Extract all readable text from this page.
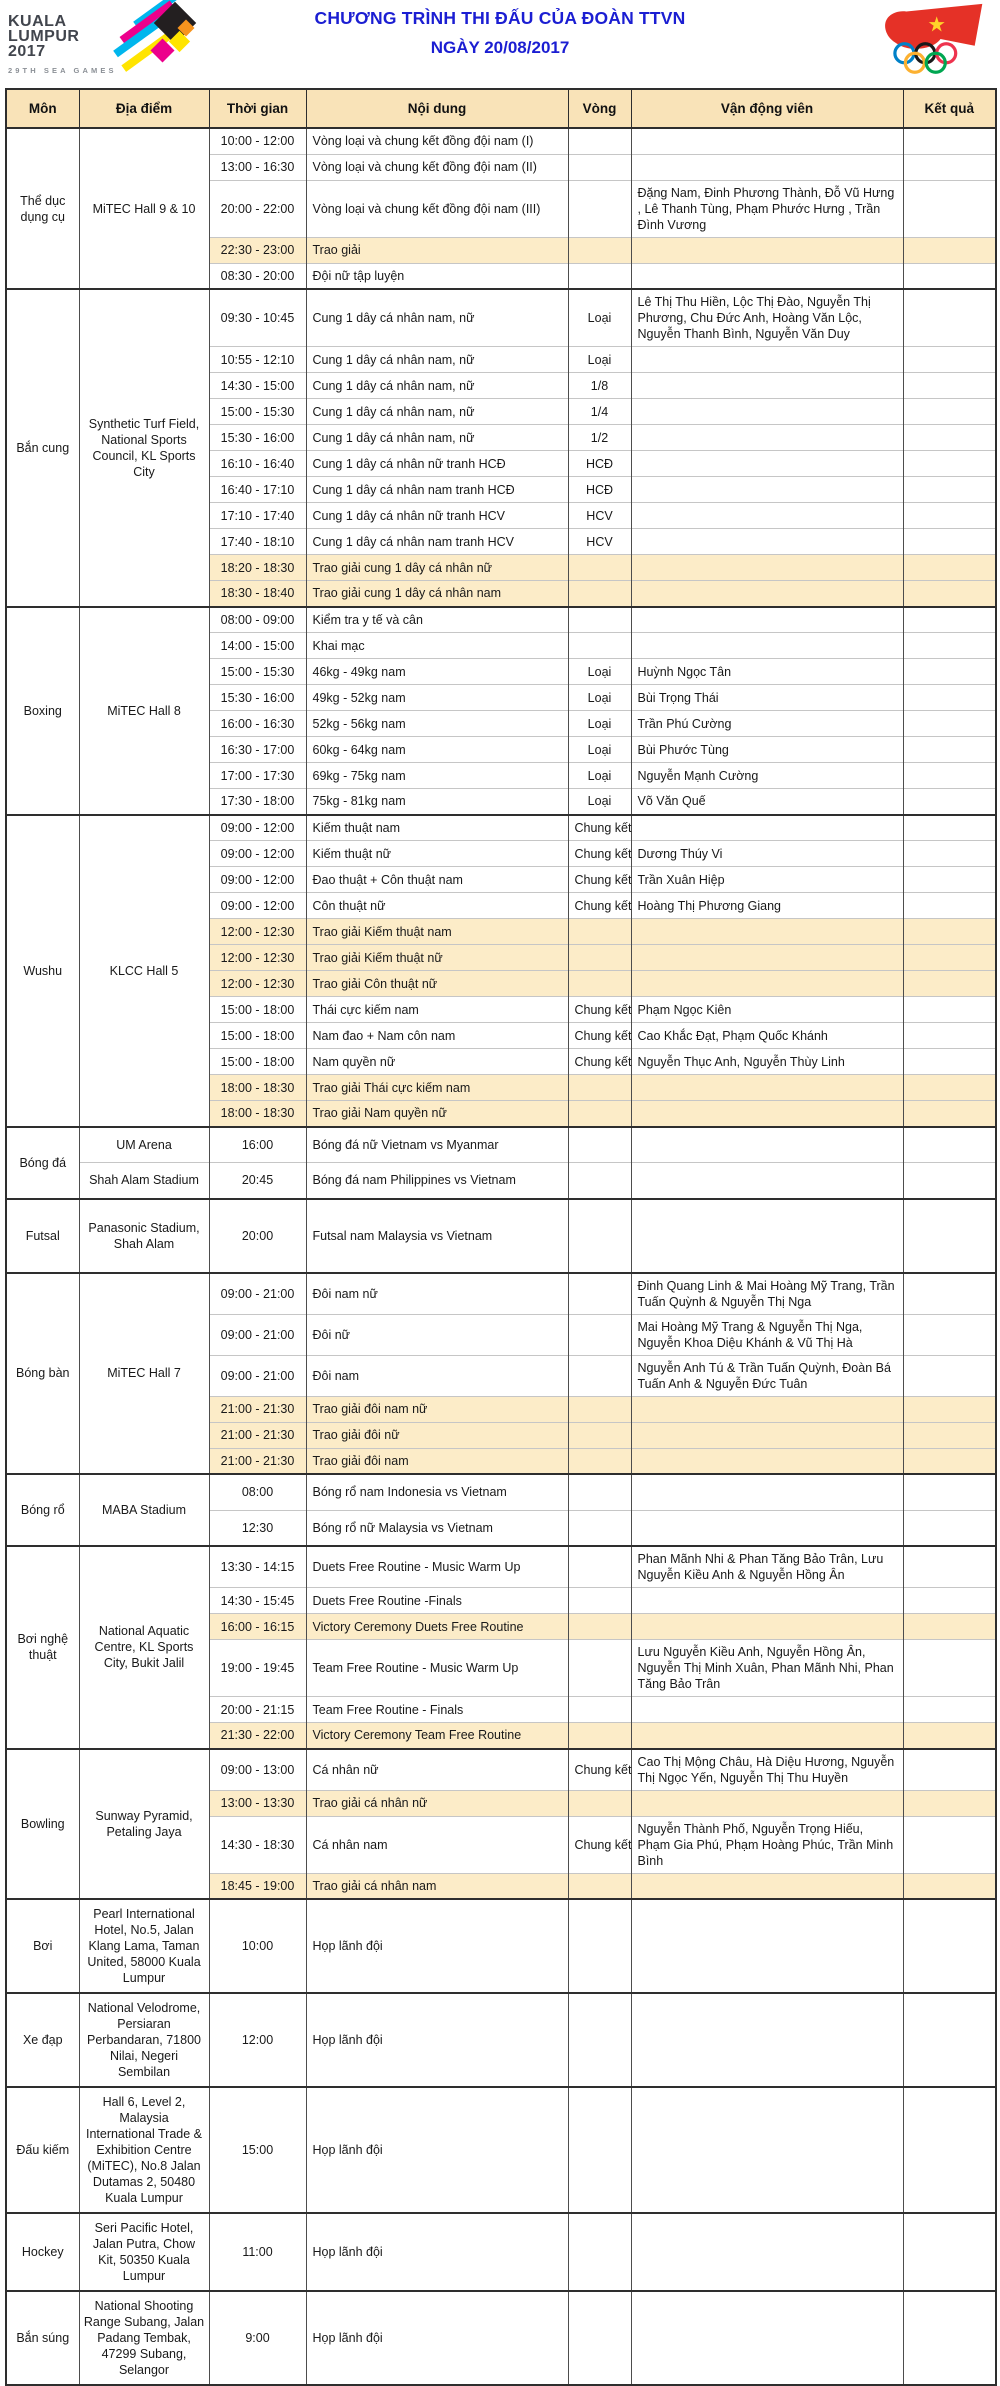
KUALA
LUMPUR
2017
29TH SEA GAMES
CHƯƠNG TRÌNH THI ĐẤU CỦA ĐOÀN TTVN
NGÀY 20/08/2017
★
Môn	Địa điểm	Thời gian	Nội dung	Vòng	Vận động viên	Kết quả
Thể dục dụng cụ	MiTEC Hall 9 & 10	10:00 - 12:00	Vòng loại và chung kết đồng đội nam (I)			
		13:00 - 16:30	Vòng loại và chung kết đồng đội nam (II)			
		20:00 - 22:00	Vòng loại và chung kết đồng đội nam (III)		Đặng Nam, Đinh Phương Thành, Đỗ Vũ Hưng , Lê Thanh Tùng, Phạm Phước Hưng , Trần Đình Vương	
		22:30 - 23:00	Trao giải			
		08:30 - 20:00	Đội nữ tập luyện			
Bắn cung	Synthetic Turf Field, National Sports Council, KL Sports City	09:30 - 10:45	Cung 1 dây cá nhân nam, nữ	Loại	Lê Thị Thu Hiền, Lộc Thị Đào, Nguyễn Thị Phương, Chu Đức Anh, Hoàng Văn Lộc, Nguyễn Thanh Bình, Nguyễn Văn Duy	
		10:55 - 12:10	Cung 1 dây cá nhân nam, nữ	Loại		
		14:30 - 15:00	Cung 1 dây cá nhân nam, nữ	1/8		
		15:00 - 15:30	Cung 1 dây cá nhân nam, nữ	1/4		
		15:30 - 16:00	Cung 1 dây cá nhân nam, nữ	1/2		
		16:10 - 16:40	Cung 1 dây cá nhân nữ tranh HCĐ	HCĐ		
		16:40 - 17:10	Cung 1 dây cá nhân nam tranh HCĐ	HCĐ		
		17:10 - 17:40	Cung 1 dây cá nhân nữ tranh HCV	HCV		
		17:40 - 18:10	Cung 1 dây cá nhân nam tranh HCV	HCV		
		18:20 - 18:30	Trao giải cung 1 dây cá nhân nữ			
		18:30 - 18:40	Trao giải cung 1 dây cá nhân nam			
Boxing	MiTEC Hall 8	08:00 - 09:00	Kiểm tra y tế và cân			
		14:00 - 15:00	Khai mạc			
		15:00 - 15:30	46kg - 49kg nam	Loại	Huỳnh Ngọc Tân	
		15:30 - 16:00	49kg - 52kg nam	Loại	Bùi Trọng Thái	
		16:00 - 16:30	52kg - 56kg nam	Loại	Trần Phú Cường	
		16:30 - 17:00	60kg - 64kg nam	Loại	Bùi Phước Tùng	
		17:00 - 17:30	69kg - 75kg nam	Loại	Nguyễn Mạnh Cường	
		17:30 - 18:00	75kg - 81kg nam	Loại	Võ Văn Quế	
Wushu	KLCC Hall 5	09:00 - 12:00	Kiếm thuật nam	Chung kết		
		09:00 - 12:00	Kiếm thuật nữ	Chung kết	Dương Thúy Vi	
		09:00 - 12:00	Đao thuật + Côn thuật nam	Chung kết	Trần Xuân Hiệp	
		09:00 - 12:00	Côn thuật nữ	Chung kết	Hoàng Thị Phương Giang	
		12:00 - 12:30	Trao giải Kiếm thuật nam			
		12:00 - 12:30	Trao giải Kiếm thuật nữ			
		12:00 - 12:30	Trao giải Côn thuật nữ			
		15:00 - 18:00	Thái cực kiếm nam	Chung kết	Phạm Ngọc Kiên	
		15:00 - 18:00	Nam đao + Nam côn nam	Chung kết	Cao Khắc Đạt, Phạm Quốc Khánh	
		15:00 - 18:00	Nam quyền nữ	Chung kết	Nguyễn Thục Anh, Nguyễn Thùy Linh	
		18:00 - 18:30	Trao giải Thái cực kiếm nam			
		18:00 - 18:30	Trao giải Nam quyền nữ			
Bóng đá	UM Arena	16:00	Bóng đá nữ Vietnam vs Myanmar			
	Shah Alam Stadium	20:45	Bóng đá nam Philippines vs Vietnam			
Futsal	Panasonic Stadium, Shah Alam	20:00	Futsal nam Malaysia vs Vietnam			
Bóng bàn	MiTEC Hall 7	09:00 - 21:00	Đôi nam nữ		Đinh Quang Linh & Mai Hoàng Mỹ Trang, Trần Tuấn Quỳnh & Nguyễn Thị Nga	
		09:00 - 21:00	Đôi nữ		Mai Hoàng Mỹ Trang & Nguyễn Thị Nga, Nguyễn Khoa Diệu Khánh & Vũ Thị Hà	
		09:00 - 21:00	Đôi nam		Nguyễn Anh Tú & Trần Tuấn Quỳnh, Đoàn Bá Tuấn Anh & Nguyễn Đức Tuân	
		21:00 - 21:30	Trao giải đôi nam nữ			
		21:00 - 21:30	Trao giải đôi nữ			
		21:00 - 21:30	Trao giải đôi nam			
Bóng rổ	MABA Stadium	08:00	Bóng rổ nam Indonesia vs Vietnam			
		12:30	Bóng rổ nữ Malaysia vs Vietnam			
Bơi nghệ thuật	National Aquatic Centre, KL Sports City, Bukit Jalil	13:30 - 14:15	Duets Free Routine - Music Warm Up		Phan Mãnh Nhi & Phan Tăng Bảo Trân, Lưu Nguyễn Kiều Anh & Nguyễn Hồng Ân	
		14:30 - 15:45	Duets Free Routine -Finals			
		16:00 - 16:15	Victory Ceremony Duets Free Routine			
		19:00 - 19:45	Team Free Routine - Music Warm Up		Lưu Nguyễn Kiều Anh, Nguyễn Hồng Ân, Nguyễn Thị Minh Xuân, Phan Mãnh Nhi, Phan Tăng Bảo Trân	
		20:00 - 21:15	Team Free Routine - Finals			
		21:30 - 22:00	Victory Ceremony Team Free Routine			
Bowling	Sunway Pyramid, Petaling Jaya	09:00 - 13:00	Cá nhân nữ	Chung kết	Cao Thị Mộng Châu, Hà Diệu Hương, Nguyễn Thị Ngọc Yến, Nguyễn Thị Thu Huyền	
		13:00 - 13:30	Trao giải cá nhân nữ			
		14:30 - 18:30	Cá nhân nam	Chung kết	Nguyễn Thành Phố, Nguyễn Trọng Hiếu, Phạm Gia Phú, Phạm Hoàng Phúc, Trần Minh Bình	
		18:45 - 19:00	Trao giải cá nhân nam			
Bơi	Pearl International Hotel, No.5, Jalan Klang Lama, Taman United, 58000 Kuala Lumpur	10:00	Họp lãnh đội			
Xe đạp	National Velodrome, Persiaran Perbandaran, 71800 Nilai, Negeri Sembilan	12:00	Họp lãnh đội			
Đấu kiếm	Hall 6, Level 2, Malaysia International Trade & Exhibition Centre (MiTEC), No.8 Jalan Dutamas 2, 50480 Kuala Lumpur	15:00	Họp lãnh đội			
Hockey	Seri Pacific Hotel, Jalan Putra, Chow Kit, 50350 Kuala Lumpur	11:00	Họp lãnh đội			
Bắn súng	National Shooting Range Subang, Jalan Padang Tembak, 47299 Subang, Selangor	9:00	Họp lãnh đội			
